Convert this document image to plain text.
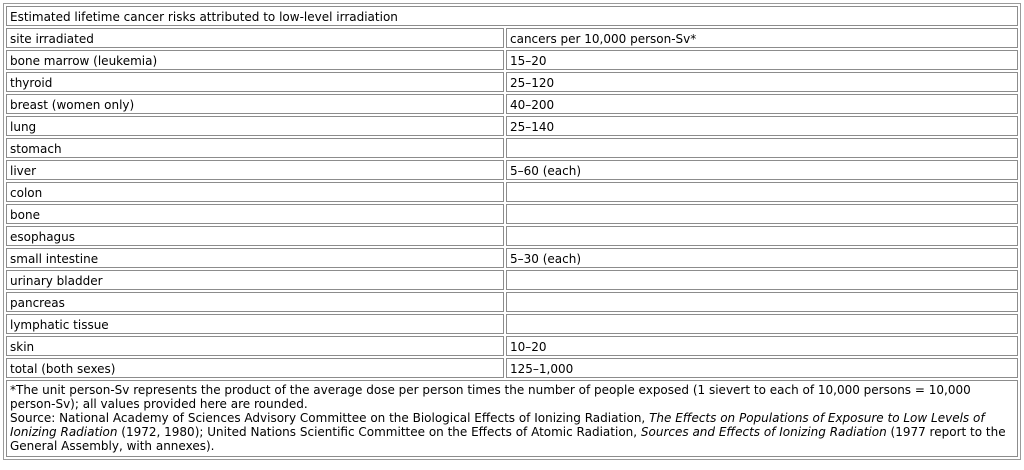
Estimated lifetime cancer risks attributed to low-level irradiation	
site irradiated	cancers per 10,000 person-Sv*
bone marrow (leukemia)	15–20
thyroid	25–120
breast (women only)	40–200
lung	25–140
stomach	
liver	5–60 (each)
colon	
bone	
esophagus	
small intestine	5–30 (each)
urinary bladder	
pancreas	
lymphatic tissue	
skin	10–20
total (both sexes)	125–1,000
*The unit person-Sv represents the product of the average dose per person times the number of people exposed (1 sievert to each of 10,000 persons = 10,000 person-Sv); all values provided here are rounded.
Source: National Academy of Sciences Advisory Committee on the Biological Effects of Ionizing Radiation, The Effects on Populations of Exposure to Low Levels of Ionizing Radiation (1972, 1980); United Nations Scientific Committee on the Effects of Atomic Radiation, Sources and Effects of Ionizing Radiation (1977 report to the General Assembly, with annexes).	
